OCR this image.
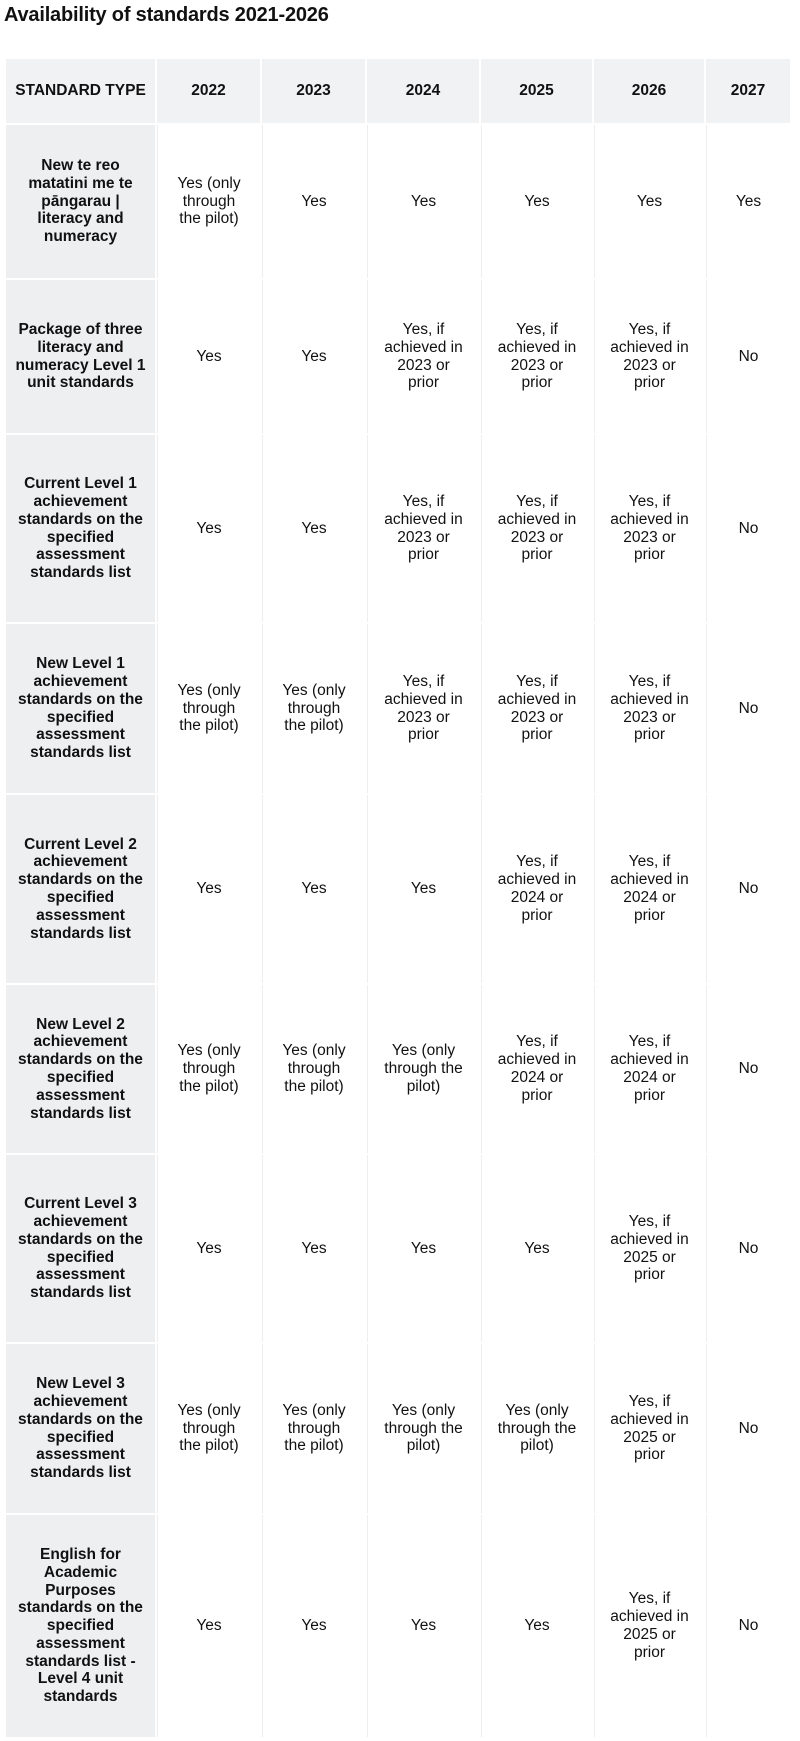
Availability of standards 2021-2026
STANDARD TYPE	2022	2023	2024	2025	2026	2027
New te reo matatini me te pāngarau | literacy and numeracy	Yes (only through the pilot)	Yes	Yes	Yes	Yes	Yes
Package of three literacy and numeracy Level 1 unit standards	Yes	Yes	Yes, if achieved in 2023 or prior	Yes, if achieved in 2023 or prior	Yes, if achieved in 2023 or prior	No
Current Level 1 achievement standards on the specified assessment standards list	Yes	Yes	Yes, if achieved in 2023 or prior	Yes, if achieved in 2023 or prior	Yes, if achieved in 2023 or prior	No
New Level 1 achievement standards on the specified assessment standards list	Yes (only through the pilot)	Yes (only through the pilot)	Yes, if achieved in 2023 or prior	Yes, if achieved in 2023 or prior	Yes, if achieved in 2023 or prior	No
Current Level 2 achievement standards on the specified assessment standards list	Yes	Yes	Yes	Yes, if achieved in 2024 or prior	Yes, if achieved in 2024 or prior	No
New Level 2 achievement standards on the specified assessment standards list	Yes (only through the pilot)	Yes (only through the pilot)	Yes (only through the pilot)	Yes, if achieved in 2024 or prior	Yes, if achieved in 2024 or prior	No
Current Level 3 achievement standards on the specified assessment standards list	Yes	Yes	Yes	Yes	Yes, if achieved in 2025 or prior	No
New Level 3 achievement standards on the specified assessment standards list	Yes (only through the pilot)	Yes (only through the pilot)	Yes (only through the pilot)	Yes (only through the pilot)	Yes, if achieved in 2025 or prior	No
English for Academic Purposes standards on the specified assessment standards list - Level 4 unit standards	Yes	Yes	Yes	Yes	Yes, if achieved in 2025 or prior	No
